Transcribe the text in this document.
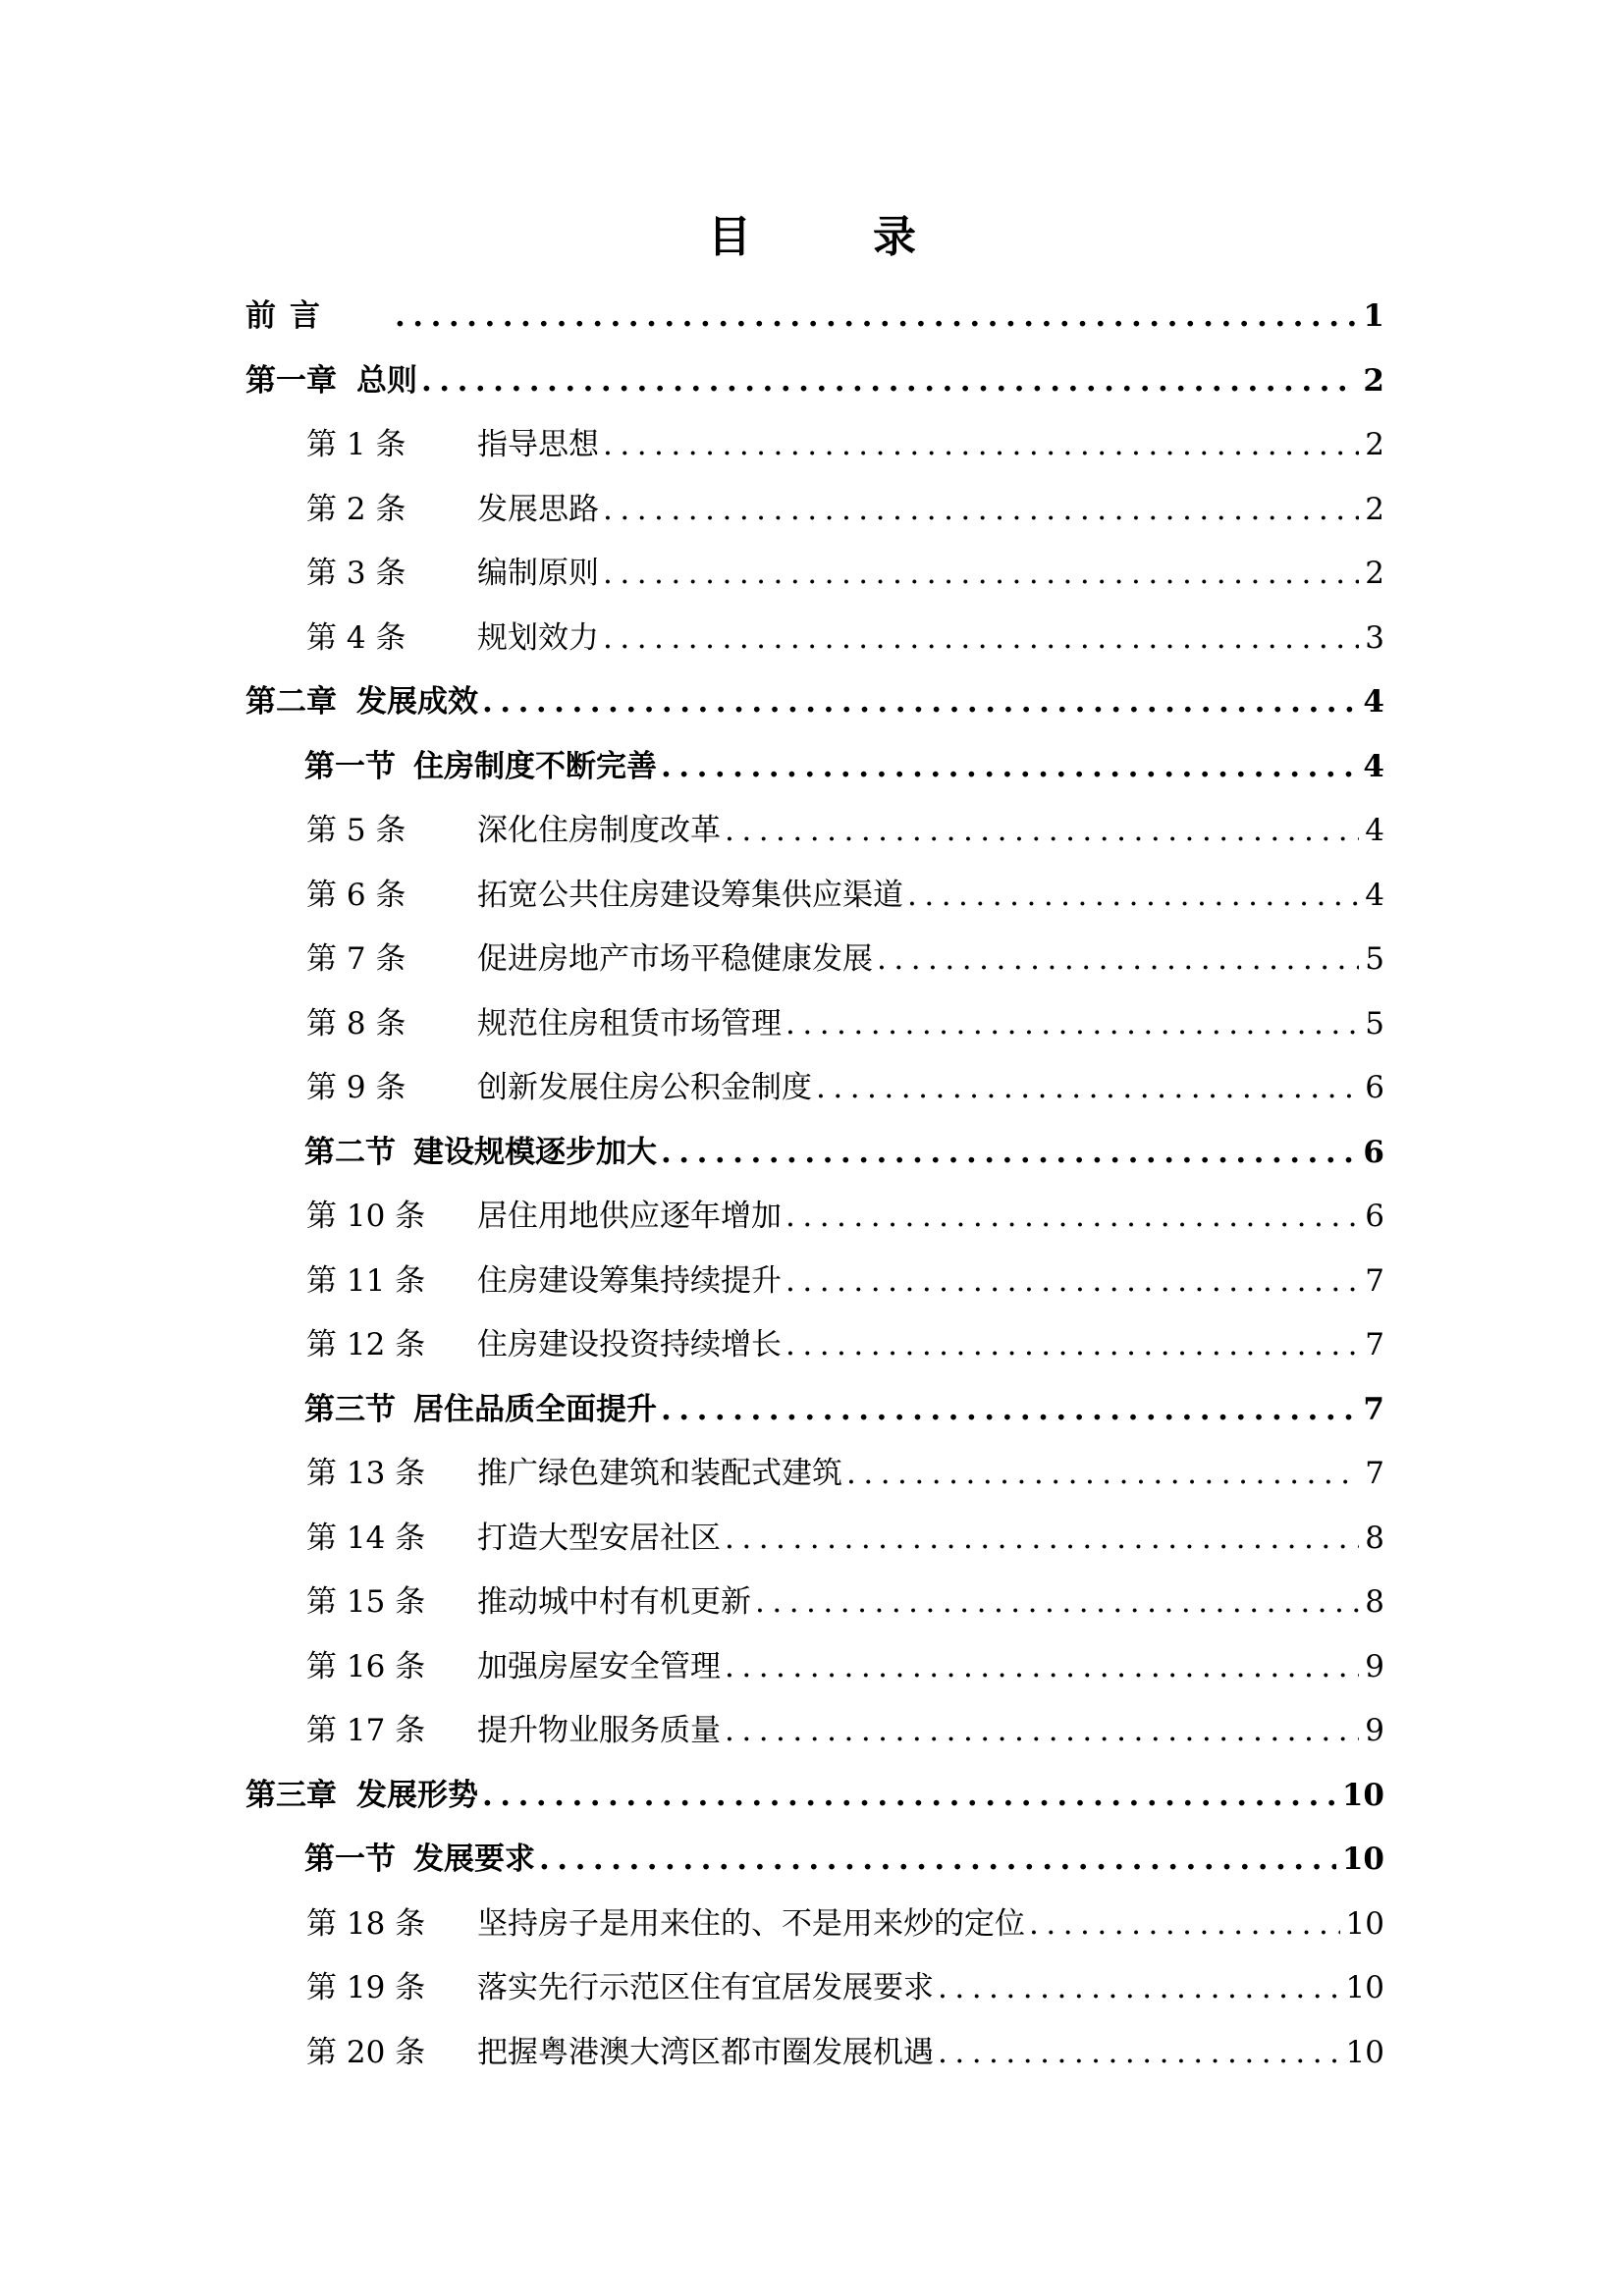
目　录
前言 .....	1
第一章 总则 .....	2
第 1 条	指导思想 .....	2
第 2 条	发展思路 .....	2
第 3 条	编制原则 .....	2
第 4 条	规划效力 .....	3
第二章 发展成效 .....	4
第一节 住房制度不断完善 .....	4
第 5 条	深化住房制度改革 .....	4
第 6 条	拓宽公共住房建设筹集供应渠道 .....	4
第 7 条	促进房地产市场平稳健康发展 .....	5
第 8 条	规范住房租赁市场管理 .....	5
第 9 条	创新发展住房公积金制度 .....	6
第二节 建设规模逐步加大 .....	6
第 10 条	居住用地供应逐年增加 .....	6
第 11 条	住房建设筹集持续提升 .....	7
第 12 条	住房建设投资持续增长 .....	7
第三节 居住品质全面提升 .....	7
第 13 条	推广绿色建筑和装配式建筑 .....	7
第 14 条	打造大型安居社区 .....	8
第 15 条	推动城中村有机更新 .....	8
第 16 条	加强房屋安全管理 .....	9
第 17 条	提升物业服务质量 .....	9
第三章 发展形势 .....	10
第一节 发展要求 .....	10
第 18 条	坚持房子是用来住的、不是用来炒的定位 .....	10
第 19 条	落实先行示范区住有宜居发展要求 .....	10
第 20 条	把握粤港澳大湾区都市圈发展机遇 .....	10
